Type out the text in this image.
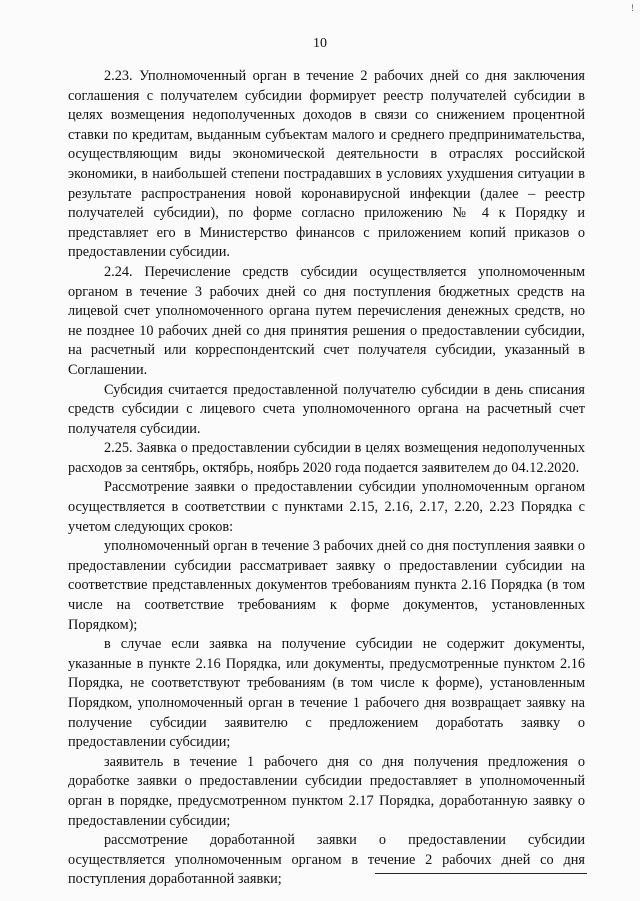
!
10

2.23. Уполномоченный орган в течение 2 рабочих дней со дня заключения соглашения с получателем субсидии формирует реестр получателей субсидии в целях возмещения недополученных доходов в связи со снижением процентной ставки по кредитам, выданным субъектам малого и среднего предпринимательства, осуществляющим виды экономической деятельности в отраслях российской экономики, в наибольшей степени пострадавших в условиях ухудшения ситуации в результате распространения новой коронавирусной инфекции (далее – реестр получателей субсидии), по форме согласно приложению № 4 к Порядку и представляет его в Министерство финансов с приложением копий приказов о предоставлении субсидии.

2.24. Перечисление средств субсидии осуществляется уполномоченным органом в течение 3 рабочих дней со дня поступления бюджетных средств на лицевой счет уполномоченного органа путем перечисления денежных средств, но не позднее 10 рабочих дней со дня принятия решения о предоставлении субсидии, на расчетный или корреспондентский счет получателя субсидии, указанный в Соглашении.

Субсидия считается предоставленной получателю субсидии в день списания средств субсидии с лицевого счета уполномоченного органа на расчетный счет получателя субсидии.

2.25. Заявка о предоставлении субсидии в целях возмещения недополученных расходов за сентябрь, октябрь, ноябрь 2020 года подается заявителем до 04.12.2020.

Рассмотрение заявки о предоставлении субсидии уполномоченным органом осуществляется в соответствии с пунктами 2.15, 2.16, 2.17, 2.20, 2.23 Порядка с учетом следующих сроков:

уполномоченный орган в течение 3 рабочих дней со дня поступления заявки о предоставлении субсидии рассматривает заявку о предоставлении субсидии на соответствие представленных документов требованиям пункта 2.16 Порядка (в том числе на соответствие требованиям к форме документов, установленных Порядком);

в случае если заявка на получение субсидии не содержит документы, указанные в пункте 2.16 Порядка, или документы, предусмотренные пунктом 2.16 Порядка, не соответствуют требованиям (в том числе к форме), установленным Порядком, уполномоченный орган в течение 1 рабочего дня возвращает заявку на получение субсидии заявителю с предложением доработать заявку о предоставлении субсидии;

заявитель в течение 1 рабочего дня со дня получения предложения о доработке заявки о предоставлении субсидии предоставляет в уполномоченный орган в порядке, предусмотренном пунктом 2.17 Порядка, доработанную заявку о предоставлении субсидии;

рассмотрение доработанной заявки о предоставлении субсидии осуществляется уполномоченным органом в течение 2 рабочих дней со дня поступления доработанной заявки;
